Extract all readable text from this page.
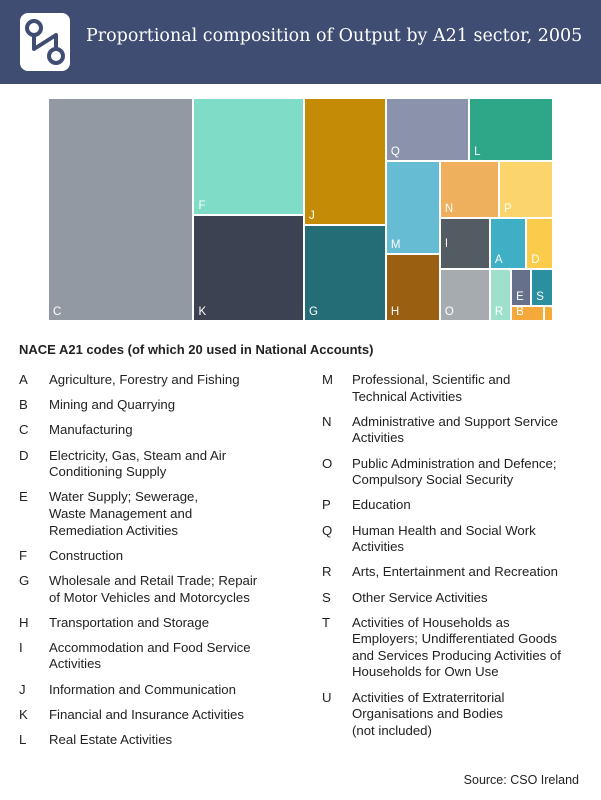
Proportional composition of Output by A21 sector, 2005
C
F
K
J
G
Q	L
M
H
N	P
I
O
A D
R
E S
B T
NACE A21 codes (of which 20 used in National Accounts)
A	Agriculture, Forestry and Fishing
B	Mining and Quarrying
C	Manufacturing
D	Electricity, Gas, Steam and Air
Conditioning Supply
E	Water Supply; Sewerage,
Waste Management and
Remediation Activities
F	Construction
G	Wholesale and Retail Trade; Repair
of Motor Vehicles and Motorcycles
H	Transportation and Storage
I	Accommodation and Food Service
Activities
J	Information and Communication
K	Financial and Insurance Activities
L	Real Estate Activities
M	Professional, Scientific and
Technical Activities
N	Administrative and Support Service
Activities
O	Public Administration and Defence;
Compulsory Social Security
P	Education
Q	Human Health and Social Work
Activities
R	Arts, Entertainment and Recreation
S	Other Service Activities
T	Activities of Households as
Employers; Undifferentiated Goods
and Services Producing Activities of
Households for Own Use
U	Activities of Extraterritorial
Organisations and Bodies
(not included)
Source: CSO Ireland
